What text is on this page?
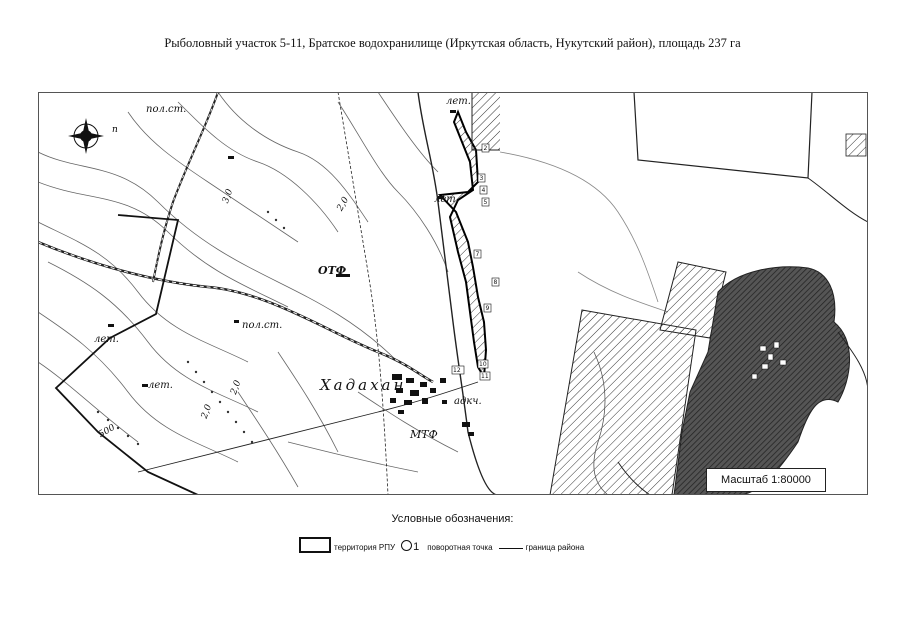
Рыболовный участок 5-11, Братское водохранилище (Иркутская область, Нукутский район), площадь 237 га
п
пол.ст.
пол.ст.
лет.
лет.
лет.
лет.
ОТФ
Хадахан
МТФ
адкч.
3,0	2,0
2,0
2,0
500
2
3
4
5
7
8
9
10
11
12
Масштаб 1:80000
Условные обозначения:
территория РПУ 1 поворотная точка	граница района
